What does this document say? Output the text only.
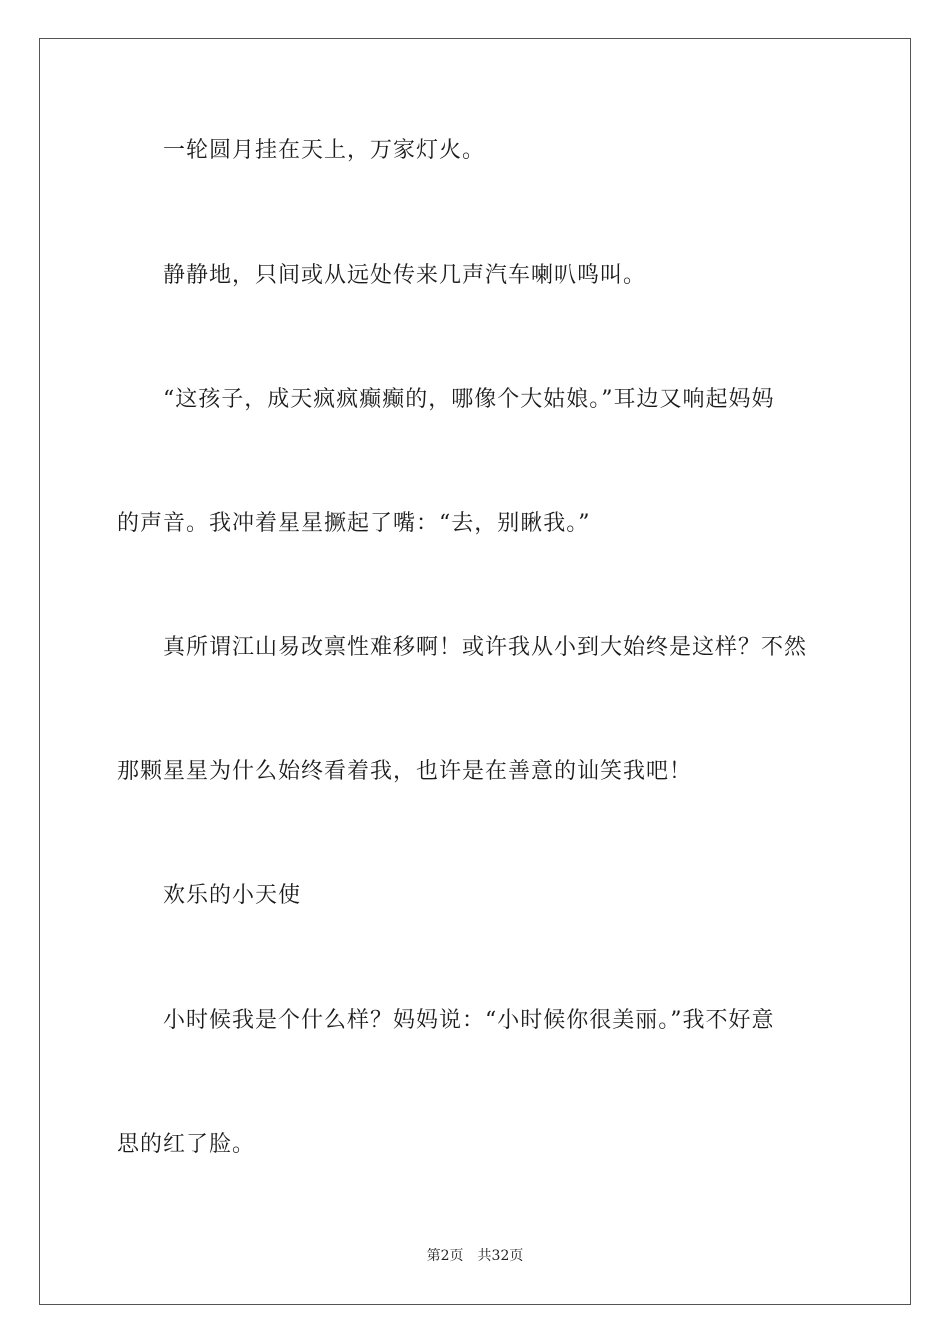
一轮圆月挂在天上，万家灯火。
静静地，只间或从远处传来几声汽车喇叭鸣叫。
“这孩子，成天疯疯癫癫的，哪像个大姑娘。”耳边又响起妈妈
的声音。我冲着星星撅起了嘴：“去，别瞅我。”
真所谓江山易改禀性难移啊！或许我从小到大始终是这样？不然
那颗星星为什么始终看着我，也许是在善意的讪笑我吧！
欢乐的小天使
小时候我是个什么样？妈妈说：“小时候你很美丽。”我不好意
思的红了脸。
第2页 共32页
